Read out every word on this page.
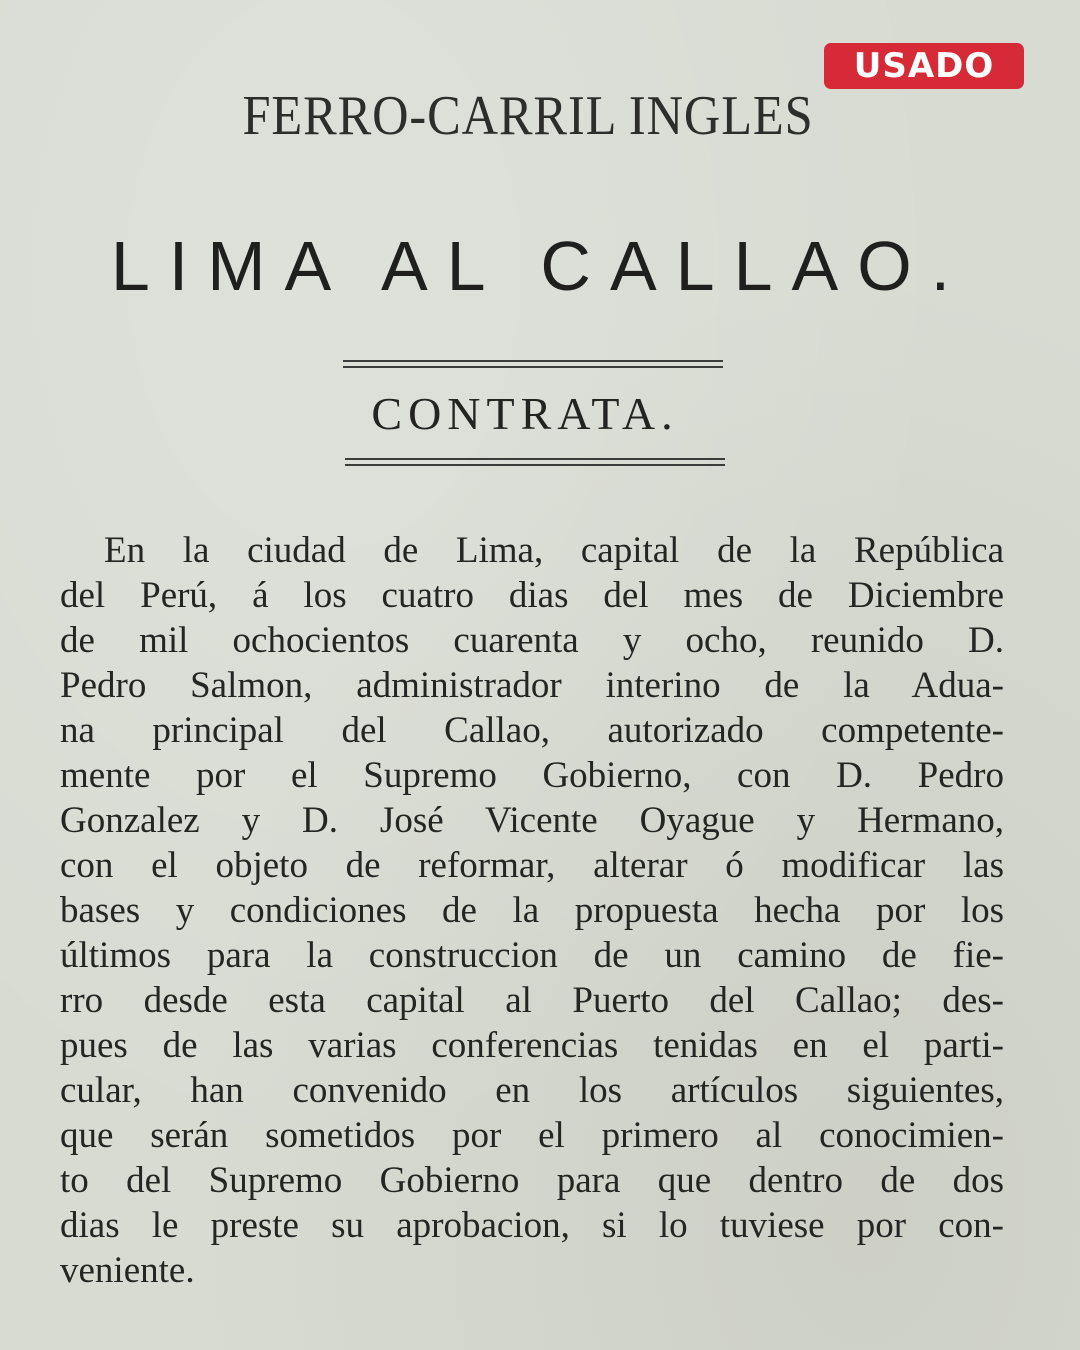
USADO
FERRO-CARRIL INGLES
LIMA AL CALLAO.
CONTRATA.
En la ciudad de Lima, capital de la República
del Perú, á los cuatro dias del mes de Diciembre
de mil ochocientos cuarenta y ocho, reunido D.
Pedro Salmon, administrador interino de la Adua-
na principal del Callao, autorizado competente-
mente por el Supremo Gobierno, con D. Pedro
Gonzalez y D. José Vicente Oyague y Hermano,
con el objeto de reformar, alterar ó modificar las
bases y condiciones de la propuesta hecha por los
últimos para la construccion de un camino de fie-
rro desde esta capital al Puerto del Callao; des-
pues de las varias conferencias tenidas en el parti-
cular, han convenido en los artículos siguientes,
que serán sometidos por el primero al conocimien-
to del Supremo Gobierno para que dentro de dos
dias le preste su aprobacion, si lo tuviese por con-
veniente.
